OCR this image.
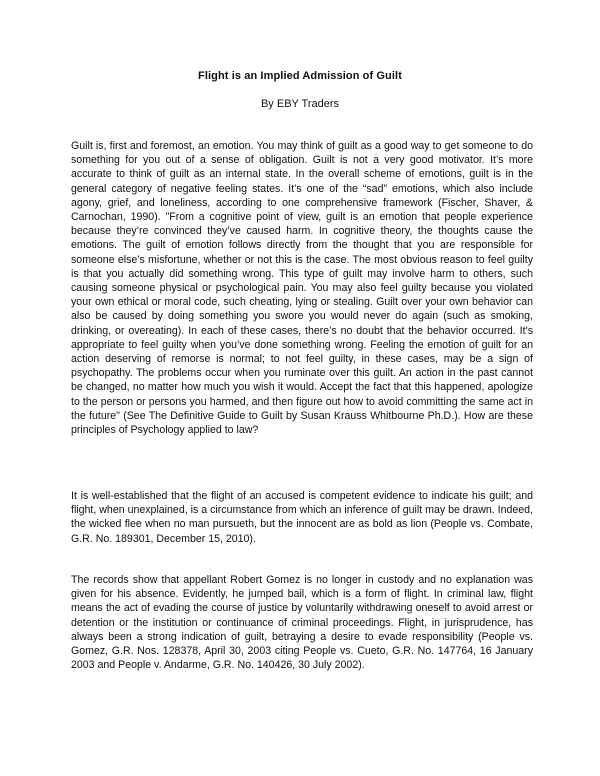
Flight is an Implied Admission of Guilt
By EBY Traders

Guilt is, first and foremost, an emotion. You may think of guilt as a good way to get someone to do something for you out of a sense of obligation. Guilt is not a very good motivator. It’s more accurate to think of guilt as an internal state. In the overall scheme of emotions, guilt is in the general category of negative feeling states. It’s one of the “sad” emotions, which also include agony, grief, and loneliness, according to one comprehensive framework (Fischer, Shaver, & Carnochan, 1990). "From a cognitive point of view, guilt is an emotion that people experience because they’re convinced they’ve caused harm. In cognitive theory, the thoughts cause the emotions. The guilt of emotion follows directly from the thought that you are responsible for someone else’s misfortune, whether or not this is the case. The most obvious reason to feel guilty is that you actually did something wrong. This type of guilt may involve harm to others, such causing someone physical or psychological pain. You may also feel guilty because you violated your own ethical or moral code, such cheating, lying or stealing. Guilt over your own behavior can also be caused by doing something you swore you would never do again (such as smoking, drinking, or overeating). In each of these cases, there’s no doubt that the behavior occurred. It’s appropriate to feel guilty when you’ve done something wrong. Feeling the emotion of guilt for an action deserving of remorse is normal; to not feel guilty, in these cases, may be a sign of psychopathy. The problems occur when you ruminate over this guilt. An action in the past cannot be changed, no matter how much you wish it would. Accept the fact that this happened, apologize to the person or persons you harmed, and then figure out how to avoid committing the same act in the future" (See The Definitive Guide to Guilt by Susan Krauss Whitbourne Ph.D.). How are these principles of Psychology applied to law?

It is well-established that the flight of an accused is competent evidence to indicate his guilt; and flight, when unexplained, is a circumstance from which an inference of guilt may be drawn. Indeed, the wicked flee when no man pursueth, but the innocent are as bold as lion (People vs. Combate, G.R. No. 189301, December 15, 2010).

The records show that appellant Robert Gomez is no longer in custody and no explanation was given for his absence. Evidently, he jumped bail, which is a form of flight. In criminal law, flight means the act of evading the course of justice by voluntarily withdrawing oneself to avoid arrest or detention or the institution or continuance of criminal proceedings. Flight, in jurisprudence, has always been a strong indication of guilt, betraying a desire to evade responsibility (People vs. Gomez, G.R. Nos. 128378, April 30, 2003 citing People vs. Cueto, G.R. No. 147764, 16 January 2003 and People v. Andarme, G.R. No. 140426, 30 July 2002).
